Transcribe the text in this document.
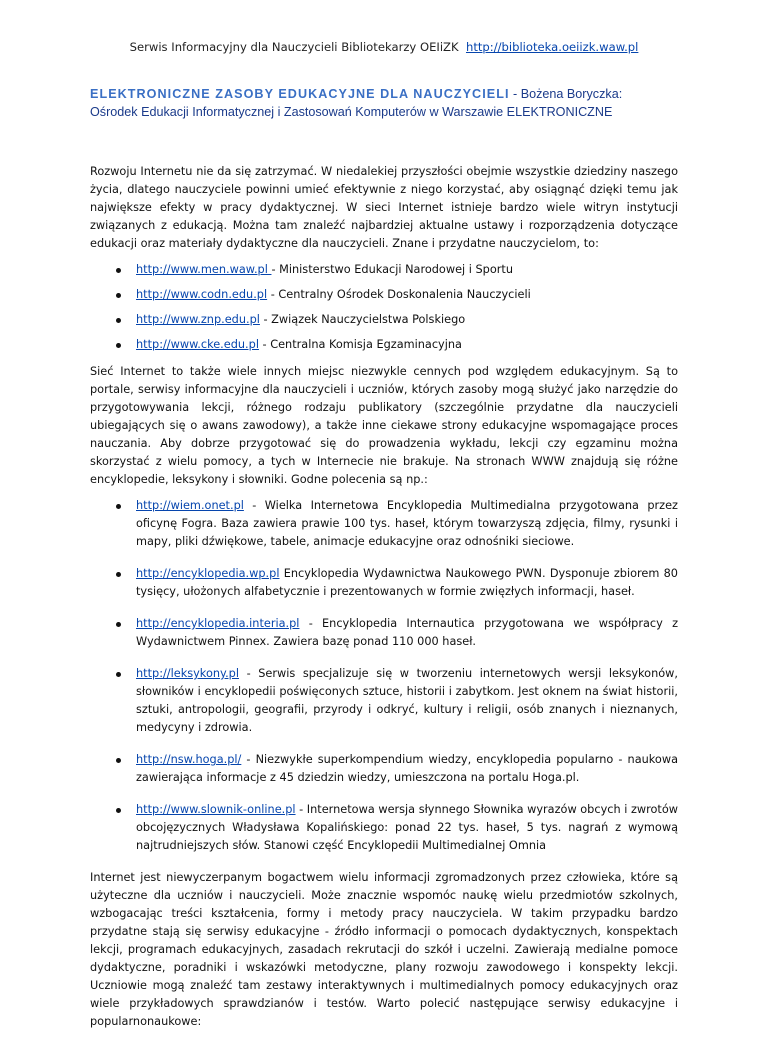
Serwis Informacyjny dla Nauczycieli Bibliotekarzy OEIiZK http://biblioteka.oeiizk.waw.pl
ELEKTRONICZNE ZASOBY EDUKACYJNE DLA NAUCZYCIELI - Bożena Boryczka:
Ośrodek Edukacji Informatycznej i Zastosowań Komputerów w Warszawie ELEKTRONICZNE

Rozwoju Internetu nie da się zatrzymać. W niedalekiej przyszłości obejmie wszystkie dziedziny naszego życia, dlatego nauczyciele powinni umieć efektywnie z niego korzystać, aby osiągnąć dzięki temu jak największe efekty w pracy dydaktycznej. W sieci Internet istnieje bardzo wiele witryn instytucji związanych z edukacją. Można tam znaleźć najbardziej aktualne ustawy i rozporządzenia dotyczące edukacji oraz materiały dydaktyczne dla nauczycieli. Znane i przydatne nauczycielom, to:

http://www.men.waw.pl - Ministerstwo Edukacji Narodowej i Sportu
http://www.codn.edu.pl - Centralny Ośrodek Doskonalenia Nauczycieli
http://www.znp.edu.pl - Związek Nauczycielstwa Polskiego
http://www.cke.edu.pl - Centralna Komisja Egzaminacyjna

Sieć Internet to także wiele innych miejsc niezwykle cennych pod względem edukacyjnym. Są to portale, serwisy informacyjne dla nauczycieli i uczniów, których zasoby mogą służyć jako narzędzie do przygotowywania lekcji, różnego rodzaju publikatory (szczególnie przydatne dla nauczycieli ubiegających się o awans zawodowy), a także inne ciekawe strony edukacyjne wspomagające proces nauczania. Aby dobrze przygotować się do prowadzenia wykładu, lekcji czy egzaminu można skorzystać z wielu pomocy, a tych w Internecie nie brakuje. Na stronach WWW znajdują się różne encyklopedie, leksykony i słowniki. Godne polecenia są np.:

http://wiem.onet.pl - Wielka Internetowa Encyklopedia Multimedialna przygotowana przez oficynę Fogra. Baza zawiera prawie 100 tys. haseł, którym towarzyszą zdjęcia, filmy, rysunki i mapy, pliki dźwiękowe, tabele, animacje edukacyjne oraz odnośniki sieciowe.
http://encyklopedia.wp.pl Encyklopedia Wydawnictwa Naukowego PWN. Dysponuje zbiorem 80 tysięcy, ułożonych alfabetycznie i prezentowanych w formie zwięzłych informacji, haseł.
http://encyklopedia.interia.pl - Encyklopedia Internautica przygotowana we współpracy z Wydawnictwem Pinnex. Zawiera bazę ponad 110 000 haseł.
http://leksykony.pl - Serwis specjalizuje się w tworzeniu internetowych wersji leksykonów, słowników i encyklopedii poświęconych sztuce, historii i zabytkom. Jest oknem na świat historii, sztuki, antropologii, geografii, przyrody i odkryć, kultury i religii, osób znanych i nieznanych, medycyny i zdrowia.
http://nsw.hoga.pl/ - Niezwykłe superkompendium wiedzy, encyklopedia popularno - naukowa zawierająca informacje z 45 dziedzin wiedzy, umieszczona na portalu Hoga.pl.
http://www.slownik-online.pl - Internetowa wersja słynnego Słownika wyrazów obcych i zwrotów obcojęzycznych Władysława Kopalińskiego: ponad 22 tys. haseł, 5 tys. nagrań z wymową najtrudniejszych słów. Stanowi część Encyklopedii Multimedialnej Omnia

Internet jest niewyczerpanym bogactwem wielu informacji zgromadzonych przez człowieka, które są użyteczne dla uczniów i nauczycieli. Może znacznie wspomóc naukę wielu przedmiotów szkolnych, wzbogacając treści kształcenia, formy i metody pracy nauczyciela. W takim przypadku bardzo przydatne stają się serwisy edukacyjne - źródło informacji o pomocach dydaktycznych, konspektach lekcji, programach edukacyjnych, zasadach rekrutacji do szkół i uczelni. Zawierają medialne pomoce dydaktyczne, poradniki i wskazówki metodyczne, plany rozwoju zawodowego i konspekty lekcji. Uczniowie mogą znaleźć tam zestawy interaktywnych i multimedialnych pomocy edukacyjnych oraz wiele przykładowych sprawdzianów i testów. Warto polecić następujące serwisy edukacyjne i popularnonaukowe:
